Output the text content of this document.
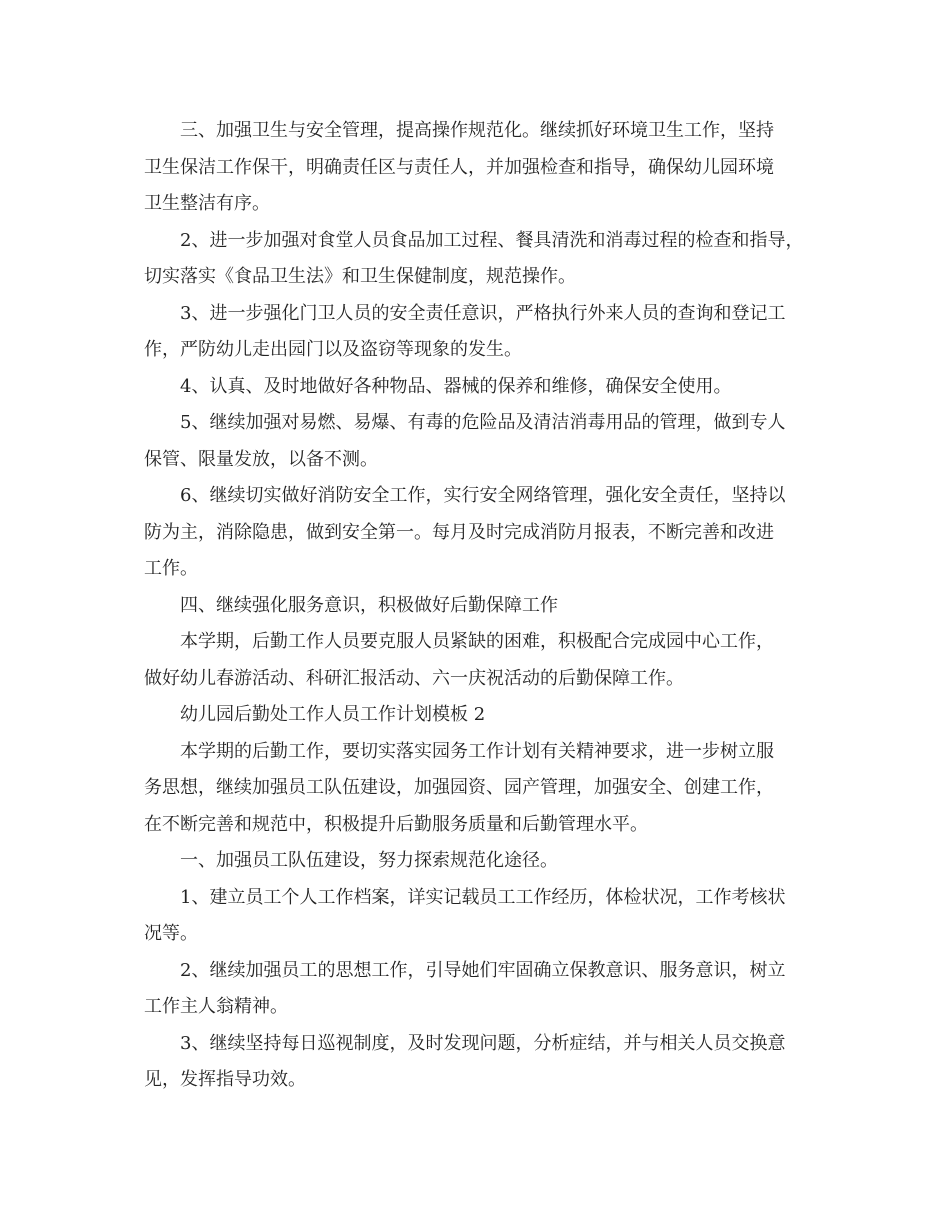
三、加强卫生与安全管理，提高操作规范化。继续抓好环境卫生工作，坚持
卫生保洁工作保干，明确责任区与责任人，并加强检查和指导，确保幼儿园环境
卫生整洁有序。
2、进一步加强对食堂人员食品加工过程、餐具清洗和消毒过程的检查和指导，
切实落实《食品卫生法》和卫生保健制度，规范操作。
3、进一步强化门卫人员的安全责任意识，严格执行外来人员的查询和登记工
作，严防幼儿走出园门以及盗窃等现象的发生。
4、认真、及时地做好各种物品、器械的保养和维修，确保安全使用。
5、继续加强对易燃、易爆、有毒的危险品及清洁消毒用品的管理，做到专人
保管、限量发放，以备不测。
6、继续切实做好消防安全工作，实行安全网络管理，强化安全责任，坚持以
防为主，消除隐患，做到安全第一。每月及时完成消防月报表，不断完善和改进
工作。
四、继续强化服务意识，积极做好后勤保障工作
本学期，后勤工作人员要克服人员紧缺的困难，积极配合完成园中心工作，
做好幼儿春游活动、科研汇报活动、六一庆祝活动的后勤保障工作。
幼儿园后勤处工作人员工作计划模板 2
本学期的后勤工作，要切实落实园务工作计划有关精神要求，进一步树立服
务思想，继续加强员工队伍建设，加强园资、园产管理，加强安全、创建工作，
在不断完善和规范中，积极提升后勤服务质量和后勤管理水平。
一、加强员工队伍建设，努力探索规范化途径。
1、建立员工个人工作档案，详实记载员工工作经历，体检状况，工作考核状
况等。
2、继续加强员工的思想工作，引导她们牢固确立保教意识、服务意识，树立
工作主人翁精神。
3、继续坚持每日巡视制度，及时发现问题，分析症结，并与相关人员交换意
见，发挥指导功效。
